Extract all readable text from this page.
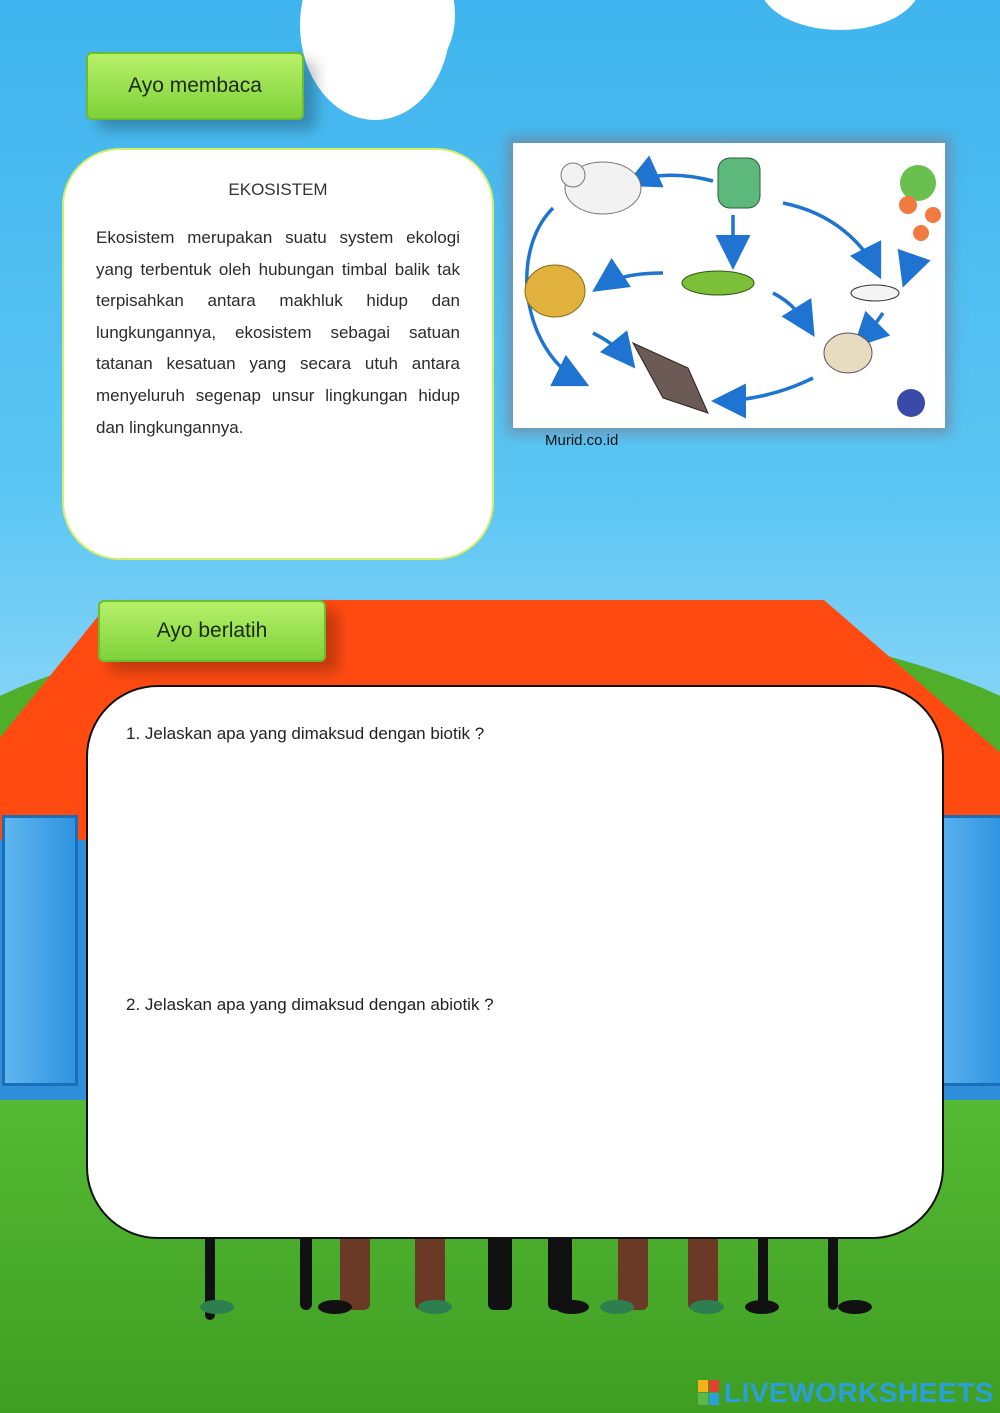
Ayo membaca
EKOSISTEM

Ekosistem merupakan suatu system ekologi yang terbentuk oleh hubungan timbal balik tak terpisahkan antara makhluk hidup dan lungkungannya, ekosistem sebagai satuan tatanan kesatuan yang secara utuh antara menyeluruh segenap unsur lingkungan hidup dan lingkungannya.

Murid.co.id
Ayo berlatih

1. Jelaskan apa yang dimaksud dengan biotik ?

2. Jelaskan apa yang dimaksud dengan abiotik ?

LIVEWORKSHEETS
